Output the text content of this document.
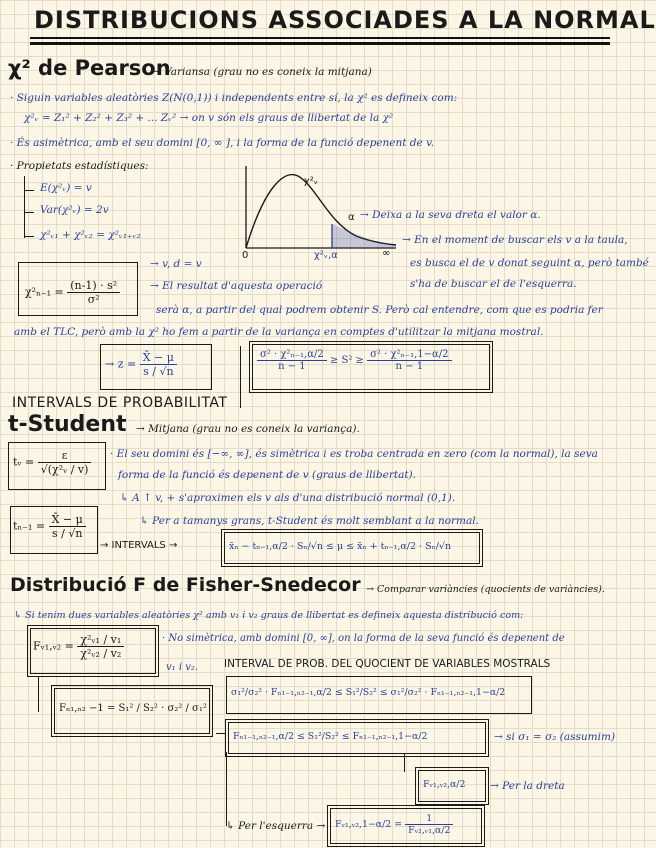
DISTRIBUCIONS ASSOCIADES A LA NORMAL
χ² de Pearson
→ Variansa (grau no es coneix la mitjana)
· Siguin variables aleatòries Z(N(0,1)) i independents entre sí, la χ² es defineix com:
χ²ᵥ = Z₁² + Z₂² + Z₃² + ... Zᵥ² → on v són els graus de llibertat de la χ²
· És asimètrica, amb el seu domini [0, ∞ ], i la forma de la funció depenent de v.
· Propietats estadístiques:
E(χ²ᵥ) = v
Var(χ²ᵥ) = 2v
χ²ᵥ₁ + χ²ᵥ₂ = χ²ᵥ₁₊ᵥ₂
χ²ᵥ
α
χ²ᵥ,α	∞
0
→ Deixa a la seva dreta el valor α.
→ En el moment de buscar els v a la taula,
es busca el de v donat seguint α, però també
s'ha de buscar el de l'esquerra.
$\chi^2_{n-1} = \frac{\text{(n-1) · s²}}{\text{σ²}}$
→ v, d = v
→ El resultat d'aquesta operació
serà α, a partir del qual podrem obtenir S. Però cal entendre, com que es podria fer
amb el TLC, però amb la χ² ho fem a partir de la variança en comptes d'utilitzar la mitjana mostral.
→ $z = \frac{X̄ - \mu}{s / √n}$	$\frac{\text{σ² · χ²ₙ₋₁,α/2}}{n - 1} \ge S^2 \ge \frac{\text{σ² · χ²ₙ₋₁,1−α/2}}{n - 1}$
INTERVALS DE PROBABILITAT
t-Student → Mitjana (grau no es coneix la variança).
tᵥ = $\frac{\varepsilon}{\text{√(χ²ᵥ / v)}} \cdot El$ seu domini és [−∞, ∞], és simètrica i es troba centrada en zero (com la normal), la seva
forma de la funció és depenent de v (graus de llibertat).
↳ A ↑ v, + s'aproximen els v als d'una distribució normal (0,1).
↳ Per a tamanys grans, t-Student és molt semblant a la normal.
$t_{n-1} = \frac{X̄ - \mu}{s / √n}$
→ INTERVALS →	x̄ₙ − tₙ₋₁,α/2 · Sₙ/√n ≤ μ ≤ x̄ₙ + tₙ₋₁,α/2 · Sₙ/√n
Distribució F de Fisher-Snedecor → Comparar variàncies (quocients de variàncies).
↳ Si tenim dues variables aleatòries χ² amb v₁ i v₂ graus de llibertat es defineix aquesta distribució com:
Fᵥ₁,ᵥ₂ = $\frac{\text{χ²ᵥ₁ / v₁}}{\text{χ²ᵥ₂ / v₂}}$	· No simètrica, amb domini [0, ∞], on la forma de la seva funció és depenent de
v₁ i v₂. INTERVAL DE PROB. DEL QUOCIENT DE VARIABLES MOSTRALS
Fₙ₁,ₙ₂ −1 = S₁² / S₂² · σ₂² / σ₁²
σ₁²/σ₂² · Fₙ₁₋₁,ₙ₂₋₁,α/2 ≤ S₁²/S₂² ≤ σ₁²/σ₂² · Fₙ₁₋₁,ₙ₂₋₁,1−α/2
Fₙ₁₋₁,ₙ₂₋₁,α/2 ≤ S₁²/S₂² ≤ Fₙ₁₋₁,ₙ₂₋₁,1−α/2	→ si σ₁ = σ₂ (assumim)
Fᵥ₁,ᵥ₂,α/2 → Per la dreta
↳ Per l'esquerra → Fᵥ₁,ᵥ₂,1−α/2 = $\frac{1}{\text{Fᵥ₂,ᵥ₁,α/2}}$
